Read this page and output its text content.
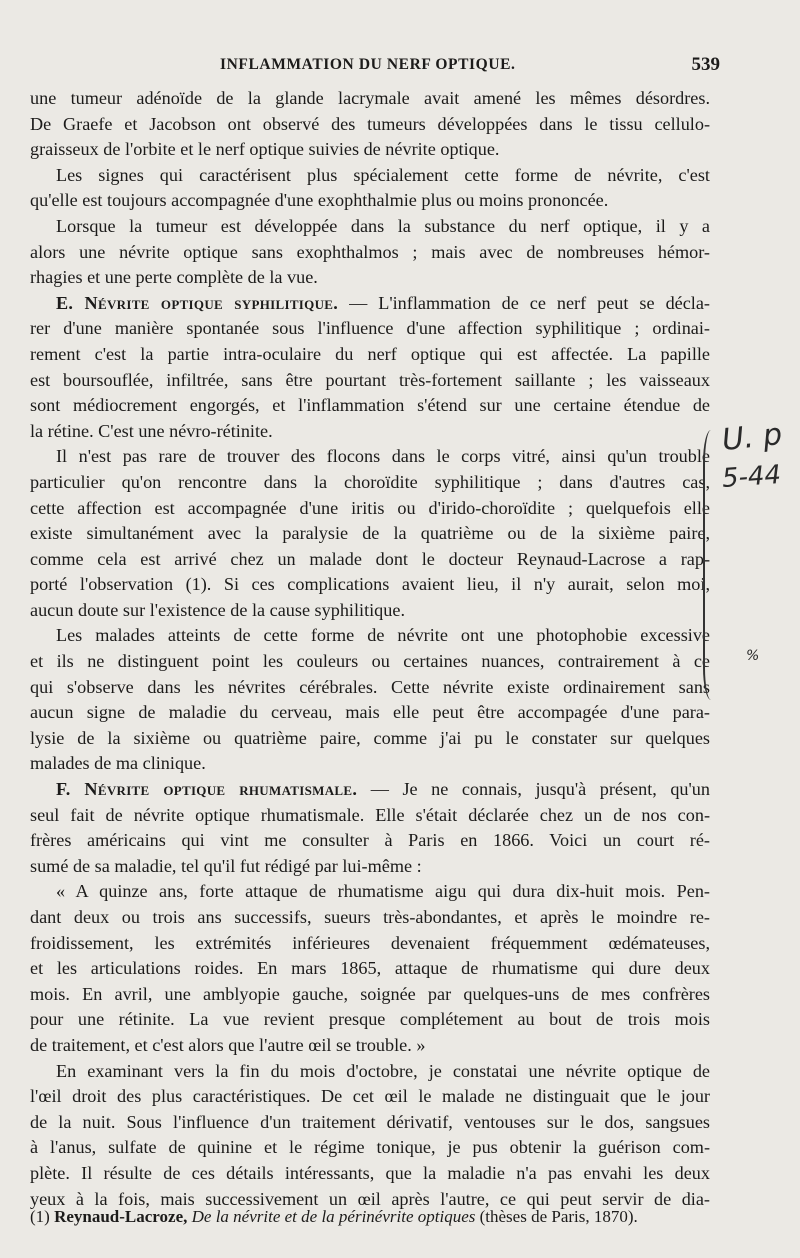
INFLAMMATION DU NERF OPTIQUE.	539
une tumeur adénoïde de la glande lacrymale avait amené les mêmes désordres.
De Graefe et Jacobson ont observé des tumeurs développées dans le tissu cellulo-
graisseux de l'orbite et le nerf optique suivies de névrite optique.
Les signes qui caractérisent plus spécialement cette forme de névrite, c'est
qu'elle est toujours accompagnée d'une exophthalmie plus ou moins prononcée.
Lorsque la tumeur est développée dans la substance du nerf optique, il y a
alors une névrite optique sans exophthalmos ; mais avec de nombreuses hémor-
rhagies et une perte complète de la vue.
E. Névrite optique syphilitique. — L'inflammation de ce nerf peut se décla-
rer d'une manière spontanée sous l'influence d'une affection syphilitique ; ordinai-
rement c'est la partie intra-oculaire du nerf optique qui est affectée. La papille
est boursouflée, infiltrée, sans être pourtant très-fortement saillante ; les vaisseaux
sont médiocrement engorgés, et l'inflammation s'étend sur une certaine étendue de
la rétine. C'est une névro-rétinite.
Il n'est pas rare de trouver des flocons dans le corps vitré, ainsi qu'un trouble
particulier qu'on rencontre dans la choroïdite syphilitique ; dans d'autres cas,
cette affection est accompagnée d'une iritis ou d'irido-choroïdite ; quelquefois elle
existe simultanément avec la paralysie de la quatrième ou de la sixième paire,
comme cela est arrivé chez un malade dont le docteur Reynaud-Lacrose a rap-
porté l'observation (1). Si ces complications avaient lieu, il n'y aurait, selon moi,
aucun doute sur l'existence de la cause syphilitique.
Les malades atteints de cette forme de névrite ont une photophobie excessive
et ils ne distinguent point les couleurs ou certaines nuances, contrairement à ce
qui s'observe dans les névrites cérébrales. Cette névrite existe ordinairement sans
aucun signe de maladie du cerveau, mais elle peut être accompagée d'une para-
lysie de la sixième ou quatrième paire, comme j'ai pu le constater sur quelques
malades de ma clinique.
F. Névrite optique rhumatismale. — Je ne connais, jusqu'à présent, qu'un
seul fait de névrite optique rhumatismale. Elle s'était déclarée chez un de nos con-
frères américains qui vint me consulter à Paris en 1866. Voici un court ré-
sumé de sa maladie, tel qu'il fut rédigé par lui-même :
« A quinze ans, forte attaque de rhumatisme aigu qui dura dix-huit mois. Pen-
dant deux ou trois ans successifs, sueurs très-abondantes, et après le moindre re-
froidissement, les extrémités inférieures devenaient fréquemment œdémateuses,
et les articulations roides. En mars 1865, attaque de rhumatisme qui dure deux
mois. En avril, une amblyopie gauche, soignée par quelques-uns de mes confrères
pour une rétinite. La vue revient presque complétement au bout de trois mois
de traitement, et c'est alors que l'autre œil se trouble. »
En examinant vers la fin du mois d'octobre, je constatai une névrite optique de
l'œil droit des plus caractéristiques. De cet œil le malade ne distinguait que le jour
de la nuit. Sous l'influence d'un traitement dérivatif, ventouses sur le dos, sangsues
à l'anus, sulfate de quinine et le régime tonique, je pus obtenir la guérison com-
plète. Il résulte de ces détails intéressants, que la maladie n'a pas envahi les deux
yeux à la fois, mais successivement un œil après l'autre, ce qui peut servir de dia-
(1) Reynaud-Lacroze, De la névrite et de la périnévrite optiques (thèses de Paris, 1870).
U. p
5-44
%
